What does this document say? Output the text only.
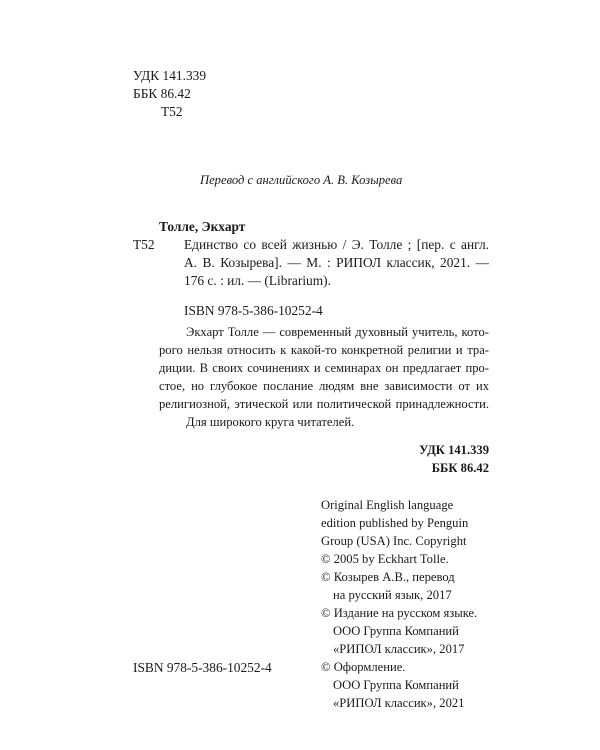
УДК 141.339
ББК 86.42
Т52
Перевод с английского А. В. Козырева
Толле, Экхарт
Т52 Единство со всей жизнью / Э. Толле ; [пер. с англ.
А. В. Козырева]. — М. : РИПОЛ классик, 2021. —
176 с. : ил. — (Librarium).
ISBN 978-5-386-10252-4
Экхарт Толле — современный духовный учитель, кото-
рого нельзя относить к какой-то конкретной религии и тра-
диции. В своих сочинениях и семинарах он предлагает про-
стое, но глубокое послание людям вне зависимости от их
религиозной, этической или политической принадлежности.
Для широкого круга читателей.
УДК 141.339
ББК 86.42
Original English language
edition published by Penguin
Group (USA) Inc. Copyright
© 2005 by Eckhart Tolle.
© Козырев А.В., перевод
на русский язык, 2017
© Издание на русском языке.
ООО Группа Компаний
«РИПОЛ классик», 2017
© Оформление.
ООО Группа Компаний
«РИПОЛ классик», 2021
ISBN 978-5-386-10252-4
